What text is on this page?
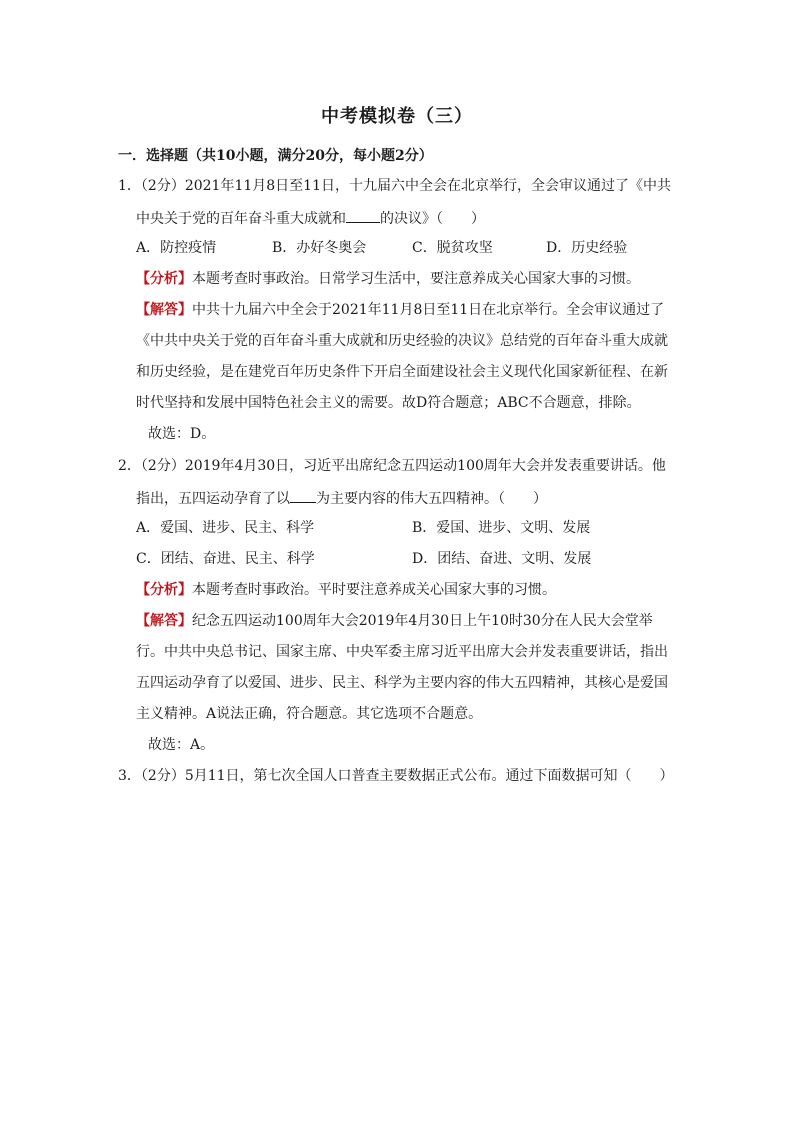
中考模拟卷（三）
一．选择题（共10小题，满分20分，每小题2分）
1．（2分）2021年11月8日至11日，十九届六中全会在北京举行，全会审议通过了《中共
中央关于党的百年奋斗重大成就和 的决议》（　　）
A．防控疫情	B．办好冬奥会	C．脱贫攻坚	D．历史经验
【分析】本题考查时事政治。日常学习生活中，要注意养成关心国家大事的习惯。
【解答】中共十九届六中全会于2021年11月8日至11日在北京举行。全会审议通过了
《中共中央关于党的百年奋斗重大成就和历史经验的决议》总结党的百年奋斗重大成就
和历史经验，是在建党百年历史条件下开启全面建设社会主义现代化国家新征程、在新
时代坚持和发展中国特色社会主义的需要。故D符合题意；ABC不合题意，排除。
故选：D。
2．（2分）2019年4月30日，习近平出席纪念五四运动100周年大会并发表重要讲话。他
指出，五四运动孕育了以 为主要内容的伟大五四精神。（　　）
A．爱国、进步、民主、科学	B．爱国、进步、文明、发展
C．团结、奋进、民主、科学	D．团结、奋进、文明、发展
【分析】本题考查时事政治。平时要注意养成关心国家大事的习惯。
【解答】纪念五四运动100周年大会2019年4月30日上午10时30分在人民大会堂举
行。中共中央总书记、国家主席、中央军委主席习近平出席大会并发表重要讲话，指出
五四运动孕育了以爱国、进步、民主、科学为主要内容的伟大五四精神，其核心是爱国
主义精神。A说法正确，符合题意。其它选项不合题意。
故选：A。
3．（2分）5月11日，第七次全国人口普查主要数据正式公布。通过下面数据可知（　　）
